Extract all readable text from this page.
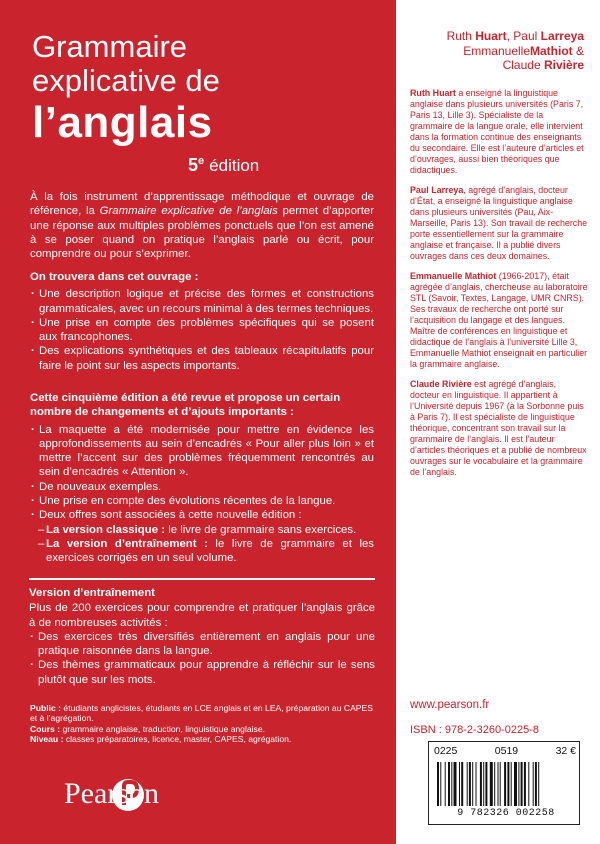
Grammaire
explicative de
l’anglais
5e édition

À la fois instrument d’apprentissage méthodique et ouvrage de référence, la Grammaire explicative de l’anglais permet d’apporter une réponse aux multiples problèmes ponctuels que l’on est amené à se poser quand on pratique l’anglais parlé ou écrit, pour comprendre ou pour s’exprimer.

On trouvera dans cet ouvrage :
· Une description logique et précise des formes et constructions grammaticales, avec un recours minimal à des termes techniques.
· Une prise en compte des problèmes spécifiques qui se posent aux francophones.
· Des explications synthétiques et des tableaux récapitulatifs pour faire le point sur les aspects importants.
Cette cinquième édition a été revue et propose un certain nombre de changements et d’ajouts importants :
· La maquette a été modernisée pour mettre en évidence les approfondissements au sein d’encadrés « Pour aller plus loin » et mettre l’accent sur des problèmes fréquemment rencontrés au sein d’encadrés « Attention ».
· De nouveaux exemples.
· Une prise en compte des évolutions récentes de la langue.
· Deux offres sont associées à cette nouvelle édition :
– La version classique : le livre de grammaire sans exercices.
– La version d’entraînement : le livre de grammaire et les exercices corrigés en un seul volume.
Version d’entraînement
Plus de 200 exercices pour comprendre et pratiquer l’anglais grâce à de nombreuses activités :
· Des exercices très diversifiés entièrement en anglais pour une pratique raisonnée dans la langue.
· Des thèmes grammaticaux pour apprendre à réfléchir sur le sens plutôt que sur les mots.
Public : étudiants anglicistes, étudiants en LCE anglais et en LEA, préparation au CAPES et à l’agrégation.
Cours : grammaire anglaise, traduction, linguistique anglaise.
Niveau : classes préparatoires, licence, master, CAPES, agrégation.
Pearson
Ruth Huart, Paul Larreya
EmmanuelleMathiot &
Claude Rivière

Ruth Huart a enseigné la linguistique anglaise dans plusieurs universités (Paris 7, Paris 13, Lille 3). Spécialiste de la grammaire de la langue orale, elle intervient dans la formation continue des enseignants du secondaire. Elle est l’auteure d’articles et d’ouvrages, aussi bien théoriques que didactiques.

Paul Larreya, agrégé d’anglais, docteur d’État, a enseigné la linguistique anglaise dans plusieurs universités (Pau, Aix-Marseille, Paris 13). Son travail de recherche porte essentiellement sur la grammaire anglaise et française. Il a publié divers ouvrages dans ces deux domaines.

Emmanuelle Mathiot (1966-2017), était agrégée d’anglais, chercheuse au laboratoire STL (Savoir, Textes, Langage, UMR CNRS). Ses travaux de recherche ont porté sur l’acquisition du langage et des langues. Maître de conférences en linguistique et didactique de l’anglais à l’université Lille 3, Emmanuelle Mathiot enseignait en particulier la grammaire anglaise.

Claude Rivière est agrégé d’anglais, docteur en linguistique. Il appartient à l’Université depuis 1967 (à la Sorbonne puis à Paris 7). Il est spécialiste de linguistique théorique, concentrant son travail sur la grammaire de l’anglais. Il est l’auteur d’articles théoriques et a publié de nombreux ouvrages sur le vocabulaire et la grammaire de l’anglais.

www.pearson.fr
ISBN : 978-2-3260-0225-8
0225	0519	32 €
9 782326 002258
